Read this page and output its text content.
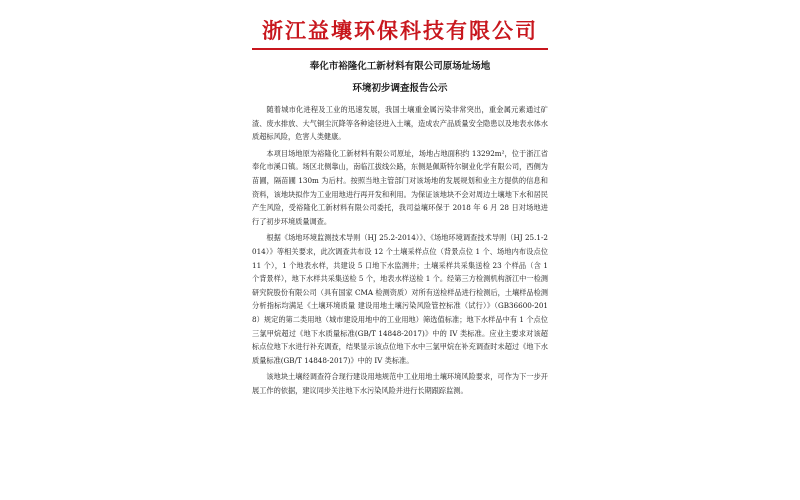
浙江益壤环保科技有限公司
奉化市裕隆化工新材料有限公司原场址场地
环境初步调查报告公示

随着城市化进程及工业的迅速发展，我国土壤重金属污染非常突出，重金属元素通过矿渣、废水排放、大气铜尘沉降等各种途径进入土壤，造成农产品质量安全隐患以及地表水体水质超标风险，危害人类健康。

本项目场地原为裕隆化工新材料有限公司原址，场地占地面积约 13292m²，位于浙江省奉化市溪口镇。场区北侧靠山，南临江拔线公路，东侧是佩斯特尔铜业化学有限公司，西侧为苗圃，隔苗圃 130m 为后村。按照当地主管部门对该场地的发展规划和业主方提供的信息和资料，该地块拟作为工业用地进行再开发和利用。为保证该地块不会对周边土壤地下水和居民产生风险，受裕隆化工新材料有限公司委托，我司益壤环保于 2018 年 6 月 28 日对场地进行了初步环境质量调查。

根据《场地环境监测技术导则（HJ 25.2-2014）》、《场地环境调查技术导则（HJ 25.1-2014）》等相关要求，此次调查共布设 12 个土壤采样点位（背景点位 1 个、场地内布设点位 11 个），1 个地表水样，共建设 5 口地下水监测井；土壤采样共采集送检 23 个样品（含 1 个背景样），地下水样共采集送检 5 个，地表水样送检 1 个。经第三方检测机构浙江中一检测研究院股份有限公司（具有国家 CMA 检测资质）对所有送检样品进行检测后，土壤样品检测分析指标均满足《土壤环境质量 建设用地土壤污染风险管控标准（试行）》（GB36600-2018）规定的第二类用地（城市建设用地中的工业用地）筛选值标准；地下水样品中有 1 个点位三氯甲烷超过《地下水质量标准(GB/T 14848-2017)》中的 IV 类标准。应业主要求对该超标点位地下水进行补充调查，结果显示该点位地下水中三氯甲烷在补充调查时未超过《地下水质量标准(GB/T 14848-2017)》中的 IV 类标准。

该地块土壤经调查符合现行建设用地规范中工业用地土壤环境风险要求，可作为下一步开展工作的依据，建议同步关注地下水污染风险并进行长期跟踪监测。
